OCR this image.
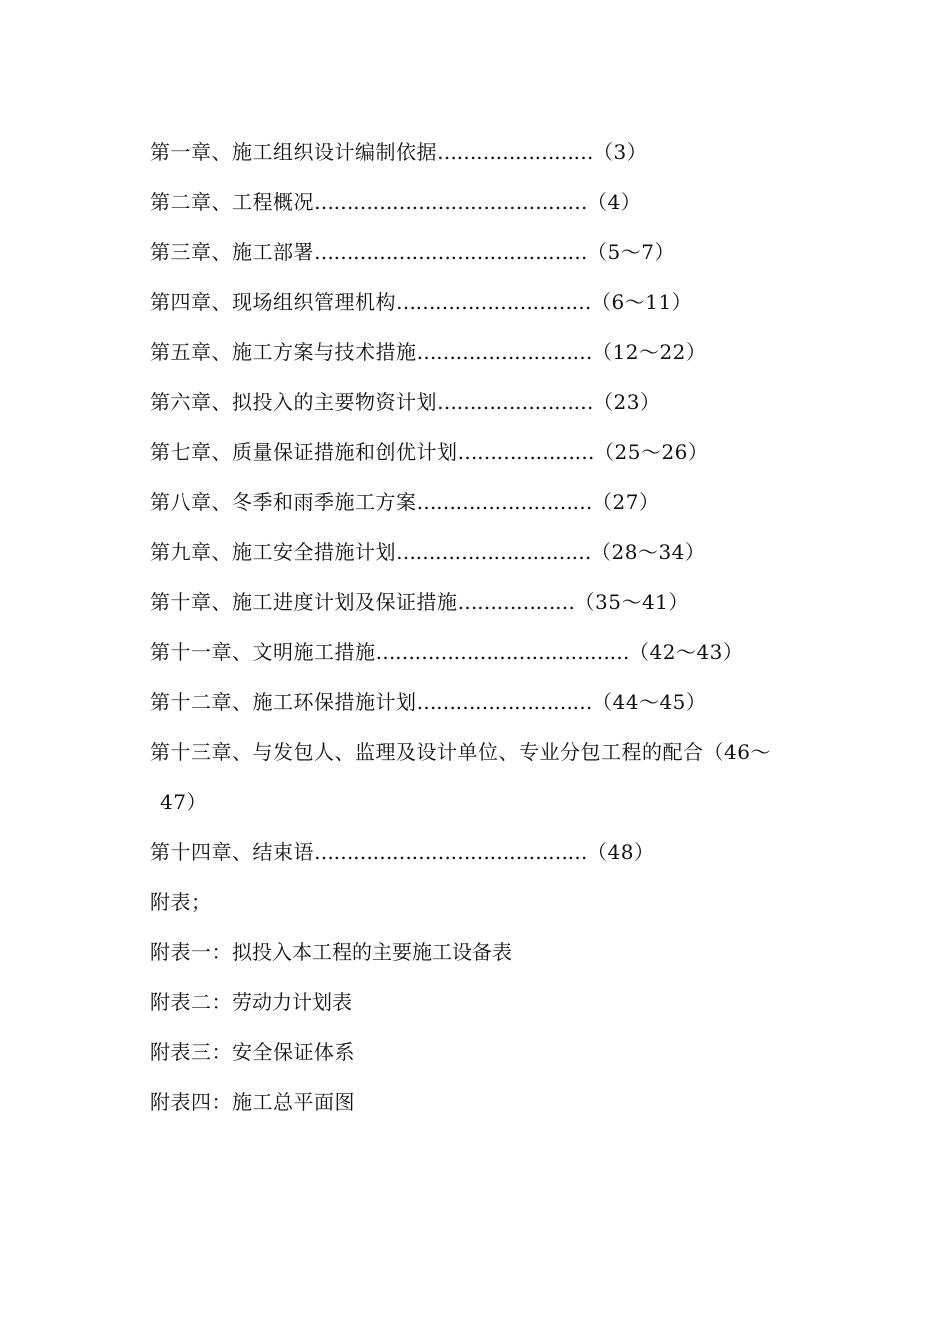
第一章、施工组织设计编制依据……………………（3）
第二章、工程概况……………………………………（4）
第三章、施工部署……………………………………（5～7）
第四章、现场组织管理机构…………………………（6～11）
第五章、施工方案与技术措施………………………（12～22）
第六章、拟投入的主要物资计划……………………（23）
第七章、质量保证措施和创优计划…………………（25～26）
第八章、冬季和雨季施工方案………………………（27）
第九章、施工安全措施计划…………………………（28～34）
第十章、施工进度计划及保证措施………………（35～41）
第十一章、文明施工措施…………………………………（42～43）
第十二章、施工环保措施计划………………………（44～45）
第十三章、与发包人、监理及设计单位、专业分包工程的配合（46～
47）
第十四章、结束语……………………………………（48）
附表；
附表一：拟投入本工程的主要施工设备表
附表二：劳动力计划表
附表三：安全保证体系
附表四：施工总平面图
